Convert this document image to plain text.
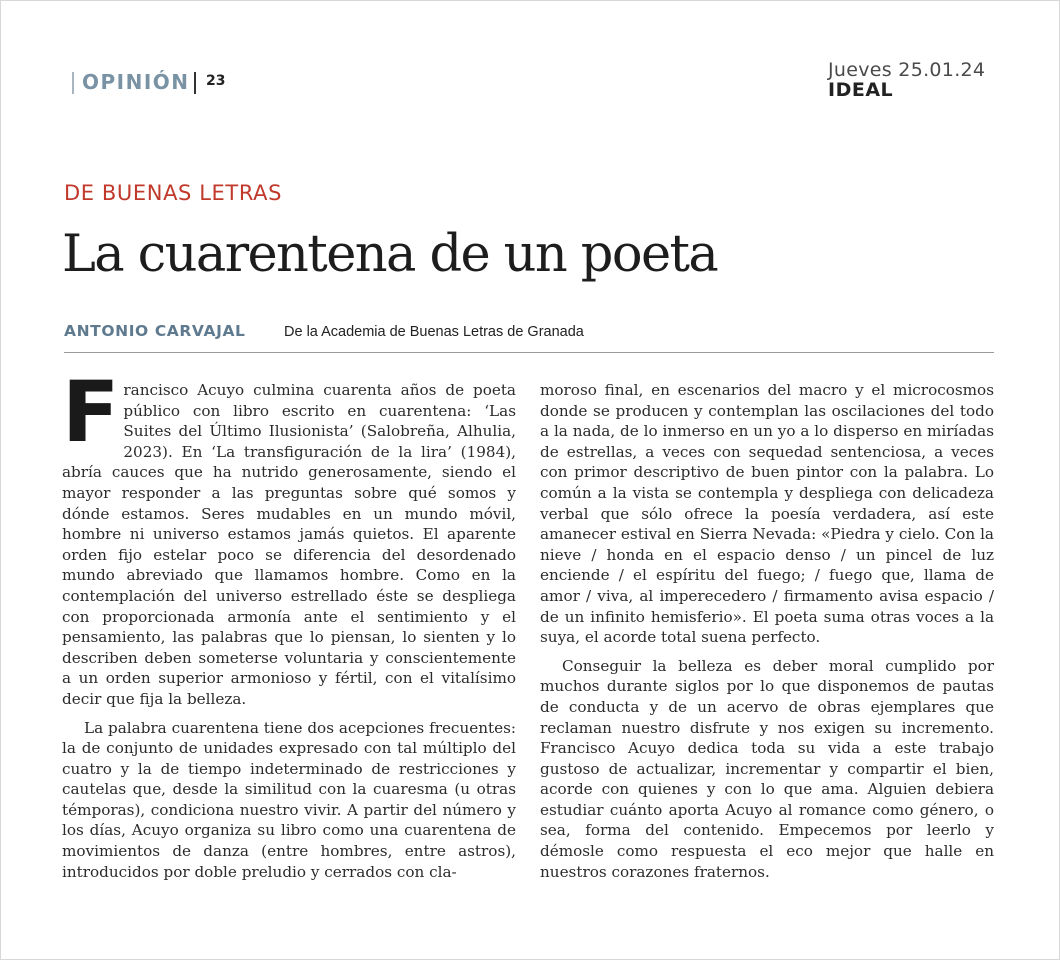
OPINIÓN 23	Jueves 25.01.24
IDEAL
DE BUENAS LETRAS
La cuarentena de un poeta
ANTONIO CARVAJAL	De la Academia de Buenas Letras de Granada

Francisco Acuyo culmina cuarenta años de poeta público con libro escrito en cuarentena: ‘Las Suites del Último Ilusionista’ (Salobreña, Alhulia, 2023). En ‘La transfiguración de la lira’ (1984), abría cauces que ha nutrido generosamente, siendo el mayor responder a las preguntas sobre qué somos y dónde estamos. Seres mudables en un mundo móvil, hombre ni universo estamos jamás quietos. El aparente orden fijo estelar poco se diferencia del desordenado mundo abreviado que llamamos hombre. Como en la contemplación del universo estrellado éste se despliega con proporcionada armonía ante el sentimiento y el pensamiento, las palabras que lo piensan, lo sienten y lo describen deben someterse voluntaria y conscientemente a un orden superior armonioso y fértil, con el vitalísimo decir que fija la belleza.

La palabra cuarentena tiene dos acepciones frecuentes: la de conjunto de unidades expresado con tal múltiplo del cuatro y la de tiempo indeterminado de restricciones y cautelas que, desde la similitud con la cuaresma (u otras témporas), condiciona nuestro vivir. A partir del número y los días, Acuyo organiza su libro como una cuarentena de movimientos de danza (entre hombres, entre astros), introducidos por doble preludio y cerrados con cla-

moroso final, en escenarios del macro y el microcosmos donde se producen y contemplan las oscilaciones del todo a la nada, de lo inmerso en un yo a lo disperso en miríadas de estrellas, a veces con sequedad sentenciosa, a veces con primor descriptivo de buen pintor con la palabra. Lo común a la vista se contempla y despliega con delicadeza verbal que sólo ofrece la poesía verdadera, así este amanecer estival en Sierra Nevada: «Piedra y cielo. Con la nieve / honda en el espacio denso / un pincel de luz enciende / el espíritu del fuego; / fuego que, llama de amor / viva, al imperecedero / firmamento avisa espacio / de un infinito hemisferio». El poeta suma otras voces a la suya, el acorde total suena perfecto.

Conseguir la belleza es deber moral cumplido por muchos durante siglos por lo que disponemos de pautas de conducta y de un acervo de obras ejemplares que reclaman nuestro disfrute y nos exigen su incremento. Francisco Acuyo dedica toda su vida a este trabajo gustoso de actualizar, incrementar y compartir el bien, acorde con quienes y con lo que ama. Alguien debiera estudiar cuánto aporta Acuyo al romance como género, o sea, forma del contenido. Empecemos por leerlo y démosle como respuesta el eco mejor que halle en nuestros corazones fraternos.
